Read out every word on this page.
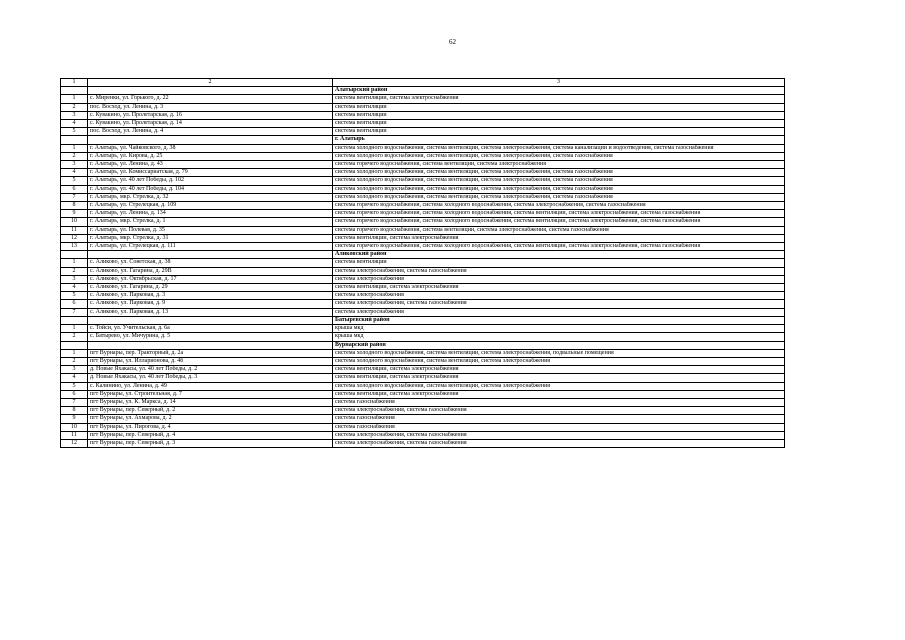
62
1	2	3
		Алатырский район
1	с. Миренки, ул. Горького, д. 22	система вентиляции, система электроснабжения
2	пос. Восход, ул. Ленина, д. 3	система вентиляции
3	с. Кувакино, ул. Пролетарская, д. 16	система вентиляции
4	с. Кувакино, ул. Пролетарская, д. 14	система вентиляции
5	пос. Восход, ул. Ленина, д. 4	система вентиляции
		г. Алатырь
1	г. Алатырь, ул. Чайковского, д. 38	система холодного водоснабжения, система вентиляции, система электроснабжения, система канализации и водоотведения, система газоснабжения
2	г. Алатырь, ул. Кирова, д. 25	система холодного водоснабжения, система вентиляции, система электроснабжения, система газоснабжения
3	г. Алатырь, ул. Ленина, д. 43	система горячего водоснабжения, система вентиляции, система электроснабжения
4	г. Алатырь, ул. Комиссариатская, д. 79	система холодного водоснабжения, система вентиляции, система электроснабжения, система газоснабжения
5	г. Алатырь, ул. 40 лет Победы, д. 102	система холодного водоснабжения, система вентиляции, система электроснабжения, система газоснабжения
6	г. Алатырь, ул. 40 лет Победы, д. 104	система холодного водоснабжения, система вентиляции, система электроснабжения, система газоснабжения
7	г. Алатырь, мкр. Стрелка, д. 32	система холодного водоснабжения, система вентиляции, система электроснабжения, система газоснабжения
8	г. Алатырь, ул. Стрелецкая, д. 109	система горячего водоснабжения, система холодного водоснабжения, система электроснабжения, система газоснабжения
9	г. Алатырь, ул. Ленина, д. 134	система горячего водоснабжения, система холодного водоснабжения, система вентиляции, система электроснабжения, система газоснабжения
10	г. Алатырь, мкр. Стрелка, д. 1	система горячего водоснабжения, система холодного водоснабжения, система вентиляции, система электроснабжения, система газоснабжения
11	г. Алатырь, ул. Полевая, д. 35	система горячего водоснабжения, система вентиляции, система электроснабжения, система газоснабжения
12	г. Алатырь, мкр. Стрелка, д. 31	система вентиляции, система электроснабжения
13	г. Алатырь, ул. Стрелецкая, д. 111	система горячего водоснабжения, система холодного водоснабжения, система вентиляции, система электроснабжения, система газоснабжения
		Аликовский район
1	с. Аликово, ул. Советская, д. 38	система вентиляции
2	с. Аликово, ул. Гагарина, д. 29В	система электроснабжения, система газоснабжения
3	с. Аликово, ул. Октябрьская, д. 17	система электроснабжения
4	с. Аликово, ул. Гагарина, д. 29	система вентиляции, система электроснабжения
5	с. Аликово, ул. Парковая, д. 3	система электроснабжения
6	с. Аликово, ул. Парковая, д. 9	система электроснабжения, система газоснабжения
7	с. Аликово, ул. Парковая, д. 13	система электроснабжения
		Батыревский район
1	с. Тойси, ул. Учительская, д. 6а	крыша мкд
2	с. Батырево, ул. Мичурина, д. 5	крыша мкд
		Вурнарский район
1	пгт Вурнары, пер. Тракторный, д. 2а	система холодного водоснабжения, система вентиляции, система электроснабжения, подвальные помещения
2	пгт Вурнары, ул. Илларионова, д. 4б	система холодного водоснабжения, система вентиляции, система электроснабжения
3	д. Новые Яхакасы, ул. 40 лет Победы, д. 2	система вентиляции, система электроснабжения
4	д. Новые Яхакасы, ул. 40 лет Победы, д. 3	система вентиляции, система электроснабжения
5	с. Калинино, ул. Ленина, д. 49	система холодного водоснабжения, система вентиляции, система электроснабжения
6	пгт Вурнары, ул. Строительная, д. 7	система вентиляции, система электроснабжения
7	пгт Вурнары, ул. К. Маркса, д. 14	система газоснабжения
8	пгт Вурнары, пер. Северный, д. 2	система электроснабжения, система газоснабжения
9	пгт Вурнары, ул. Ахмарова, д. 2	система газоснабжения
10	пгт Вурнары, ул. Пирогова, д. 4	система газоснабжения
11	пгт Вурнары, пер. Северный, д. 4	система электроснабжения, система газоснабжения
12	пгт Вурнары, пер. Северный, д. 3	система электроснабжения, система газоснабжения
